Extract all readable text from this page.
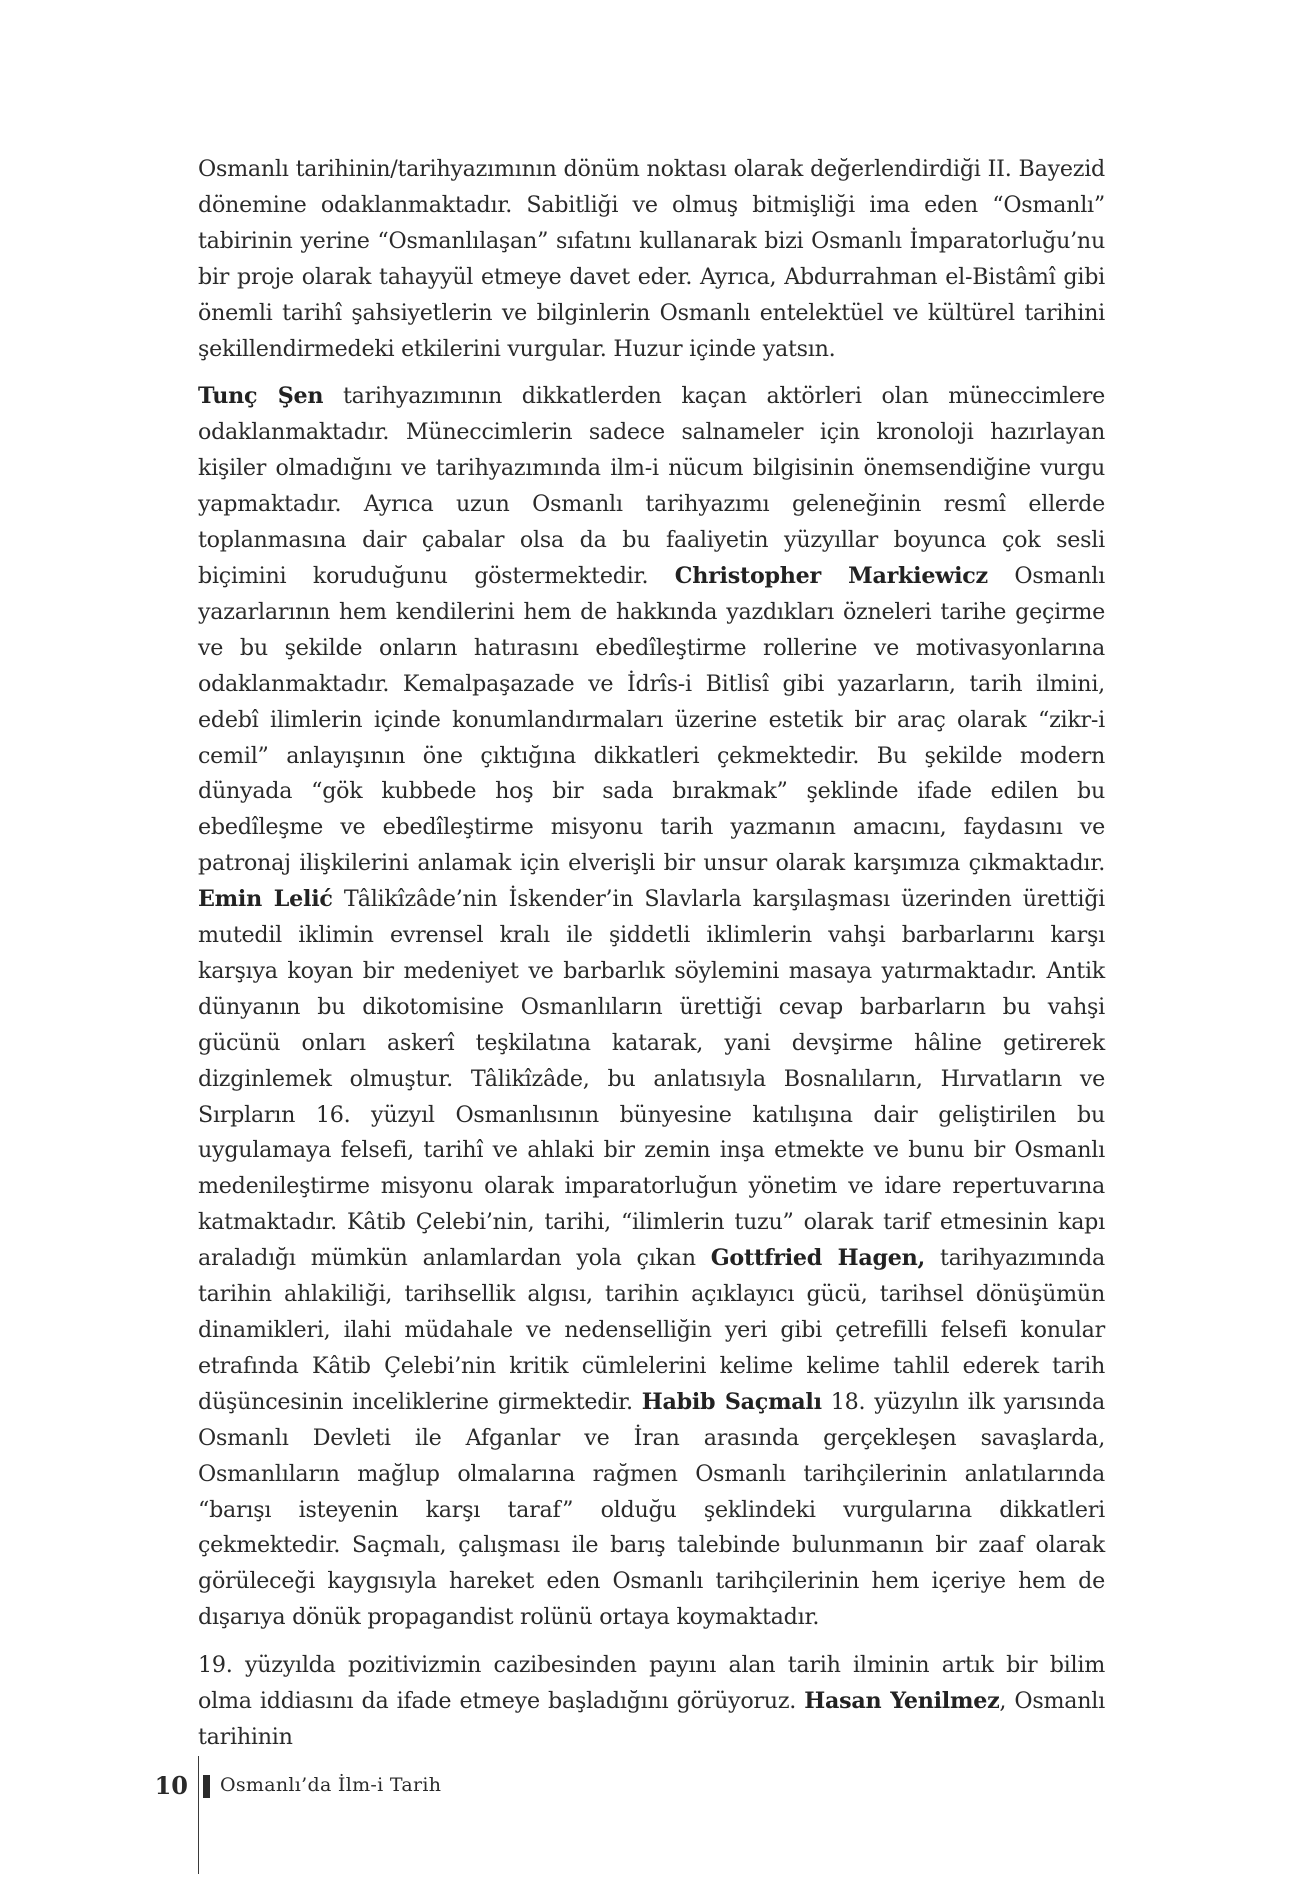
Osmanlı tarihinin/tarihyazımının dönüm noktası olarak değerlendirdiği II. Bayezid dönemine odaklanmaktadır. Sabitliği ve olmuş bitmişliği ima eden “Osmanlı” tabirinin yerine “Osmanlılaşan” sıfatını kullanarak bizi Osmanlı İmparatorluğu’nu bir proje olarak tahayyül etmeye davet eder. Ayrıca, Abdurrahman el-Bistâmî gibi önemli tarihî şahsiyetlerin ve bilginlerin Osmanlı entelektüel ve kültürel tarihini şekillendirmedeki etkilerini vurgular. Huzur içinde yatsın.

Tunç Şen tarihyazımının dikkatlerden kaçan aktörleri olan müneccimlere odaklanmaktadır. Müneccimlerin sadece salnameler için kronoloji hazırlayan kişiler olmadığını ve tarihyazımında ilm-i nücum bilgisinin önemsendiğine vurgu yapmaktadır. Ayrıca uzun Osmanlı tarihyazımı geleneğinin resmî ellerde toplanmasına dair çabalar olsa da bu faaliyetin yüzyıllar boyunca çok sesli biçimini koruduğunu göstermektedir. Christopher Markiewicz Osmanlı yazarlarının hem kendilerini hem de hakkında yazdıkları özneleri tarihe geçirme ve bu şekilde onların hatırasını ebedîleştirme rollerine ve motivasyonlarına odaklanmaktadır. Kemalpaşazade ve İdrîs-i Bitlisî gibi yazarların, tarih ilmini, edebî ilimlerin içinde konumlandırmaları üzerine estetik bir araç olarak “zikr-i cemil” anlayışının öne çıktığına dikkatleri çekmektedir. Bu şekilde modern dünyada “gök kubbede hoş bir sada bırakmak” şeklinde ifade edilen bu ebedîleşme ve ebedîleştirme misyonu tarih yazmanın amacını, faydasını ve patronaj ilişkilerini anlamak için elverişli bir unsur olarak karşımıza çıkmaktadır. Emin Lelić Tâlikîzâde’nin İskender’in Slavlarla karşılaşması üzerinden ürettiği mutedil iklimin evrensel kralı ile şiddetli iklimlerin vahşi barbarlarını karşı karşıya koyan bir medeniyet ve barbarlık söylemini masaya yatırmaktadır. Antik dünyanın bu dikotomisine Osmanlıların ürettiği cevap barbarların bu vahşi gücünü onları askerî teşkilatına katarak, yani devşirme hâline getirerek dizginlemek olmuştur. Tâlikîzâde, bu anlatısıyla Bosnalıların, Hırvatların ve Sırpların 16. yüzyıl Osmanlısının bünyesine katılışına dair geliştirilen bu uygulamaya felsefi, tarihî ve ahlaki bir zemin inşa etmekte ve bunu bir Osmanlı medenileştirme misyonu olarak imparatorluğun yönetim ve idare repertuvarına katmaktadır. Kâtib Çelebi’nin, tarihi, “ilimlerin tuzu” olarak tarif etmesinin kapı araladığı mümkün anlamlardan yola çıkan Gottfried Hagen, tarihyazımında tarihin ahlakiliği, tarihsellik algısı, tarihin açıklayıcı gücü, tarihsel dönüşümün dinamikleri, ilahi müdahale ve nedenselliğin yeri gibi çetrefilli felsefi konular etrafında Kâtib Çelebi’nin kritik cümlelerini kelime kelime tahlil ederek tarih düşüncesinin inceliklerine girmektedir. Habib Saçmalı 18. yüzyılın ilk yarısında Osmanlı Devleti ile Afganlar ve İran arasında gerçekleşen savaşlarda, Osmanlıların mağlup olmalarına rağmen Osmanlı tarihçilerinin anlatılarında “barışı isteyenin karşı taraf” olduğu şeklindeki vurgularına dikkatleri çekmektedir. Saçmalı, çalışması ile barış talebinde bulunmanın bir zaaf olarak görüleceği kaygısıyla hareket eden Osmanlı tarihçilerinin hem içeriye hem de dışarıya dönük propagandist rolünü ortaya koymaktadır.

19. yüzyılda pozitivizmin cazibesinden payını alan tarih ilminin artık bir bilim olma iddiasını da ifade etmeye başladığını görüyoruz. Hasan Yenilmez, Osmanlı tarihinin

10 Osmanlı’da İlm-i Tarih
